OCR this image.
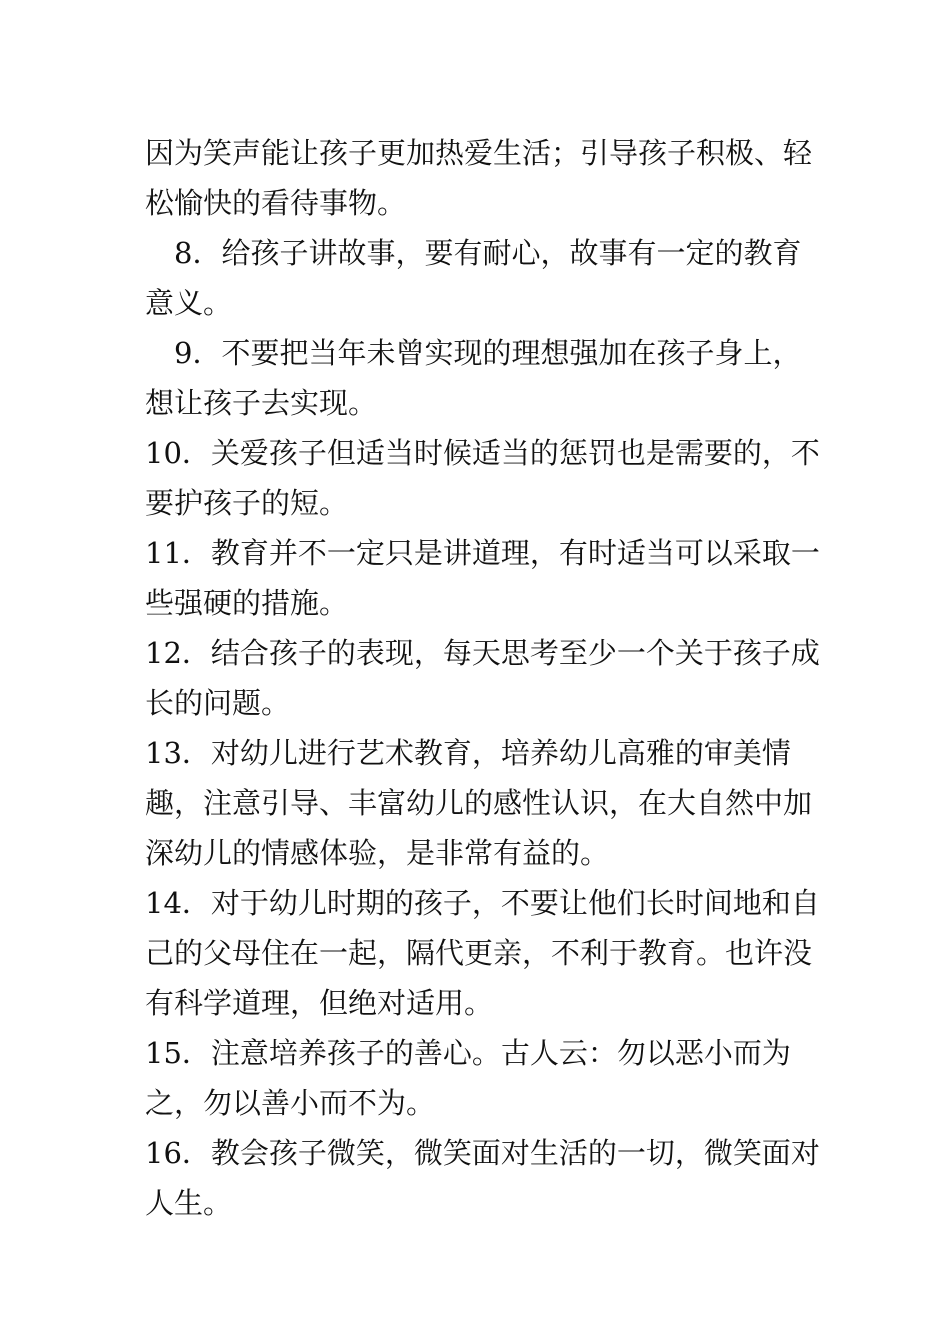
因为笑声能让孩子更加热爱生活；引导孩子积极、轻松愉快的看待事物。

8．给孩子讲故事，要有耐心，故事有一定的教育意义。

9．不要把当年未曾实现的理想强加在孩子身上，想让孩子去实现。

10．关爱孩子但适当时候适当的惩罚也是需要的，不要护孩子的短。

11．教育并不一定只是讲道理，有时适当可以采取一些强硬的措施。

12．结合孩子的表现，每天思考至少一个关于孩子成长的问题。

13．对幼儿进行艺术教育，培养幼儿高雅的审美情趣，注意引导、丰富幼儿的感性认识，在大自然中加深幼儿的情感体验，是非常有益的。

14．对于幼儿时期的孩子，不要让他们长时间地和自己的父母住在一起，隔代更亲，不利于教育。也许没有科学道理，但绝对适用。

15．注意培养孩子的善心。古人云：勿以恶小而为之，勿以善小而不为。

16．教会孩子微笑，微笑面对生活的一切，微笑面对人生。
